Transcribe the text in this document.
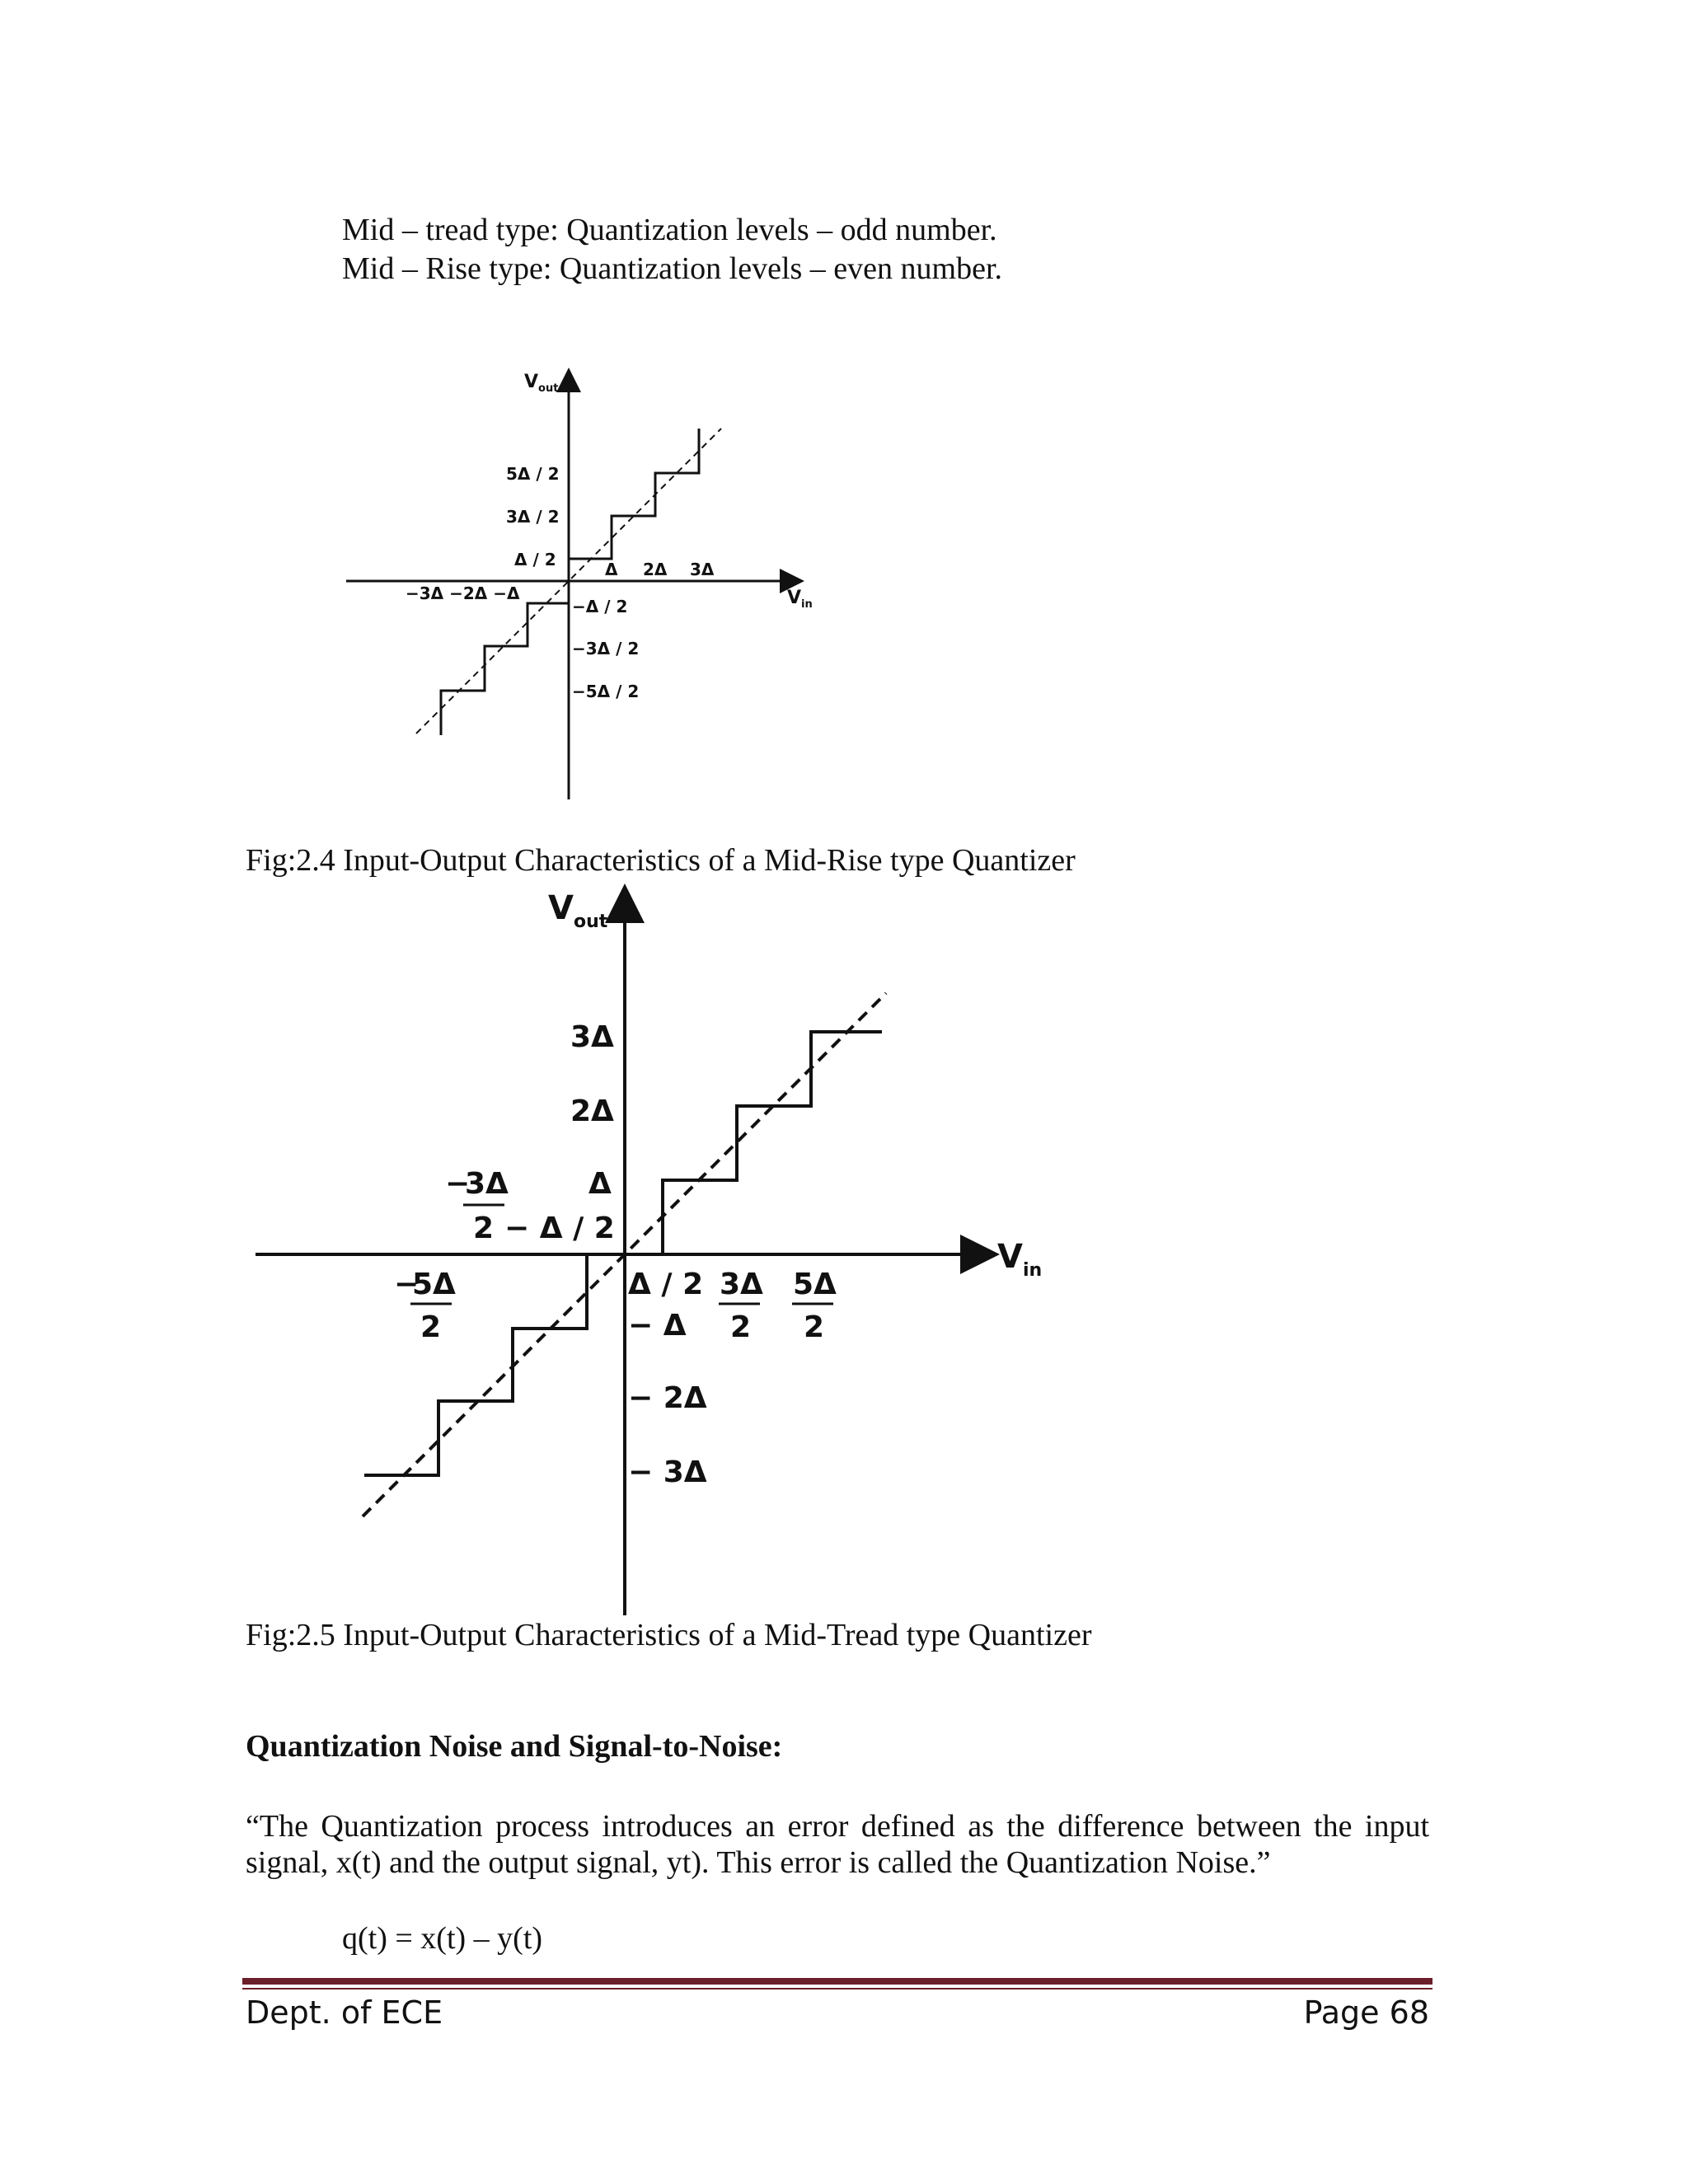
Mid – tread type: Quantization levels – odd number.
Mid – Rise type: Quantization levels – even number.
$V_{out}$
$V_{in}$
5Δ / 2
3Δ / 2
Δ / 2
−Δ / 2
−3Δ / 2
−5Δ / 2
Δ 2Δ 3Δ
−3Δ −2Δ −Δ
Fig:2.4 Input-Output Characteristics of a Mid-Rise type Quantizer
$V_{out}$
$V_{in}$
3Δ
2Δ
Δ
− Δ
− 2Δ
− 3Δ
Δ / 2 3Δ
2
5Δ
2
−
3Δ
2 − Δ / 2
−
5Δ
2
Fig:2.5 Input-Output Characteristics of a Mid-Tread type Quantizer
Quantization Noise and Signal-to-Noise:
“The Quantization process introduces an error defined as the difference between the input signal, x(t) and the output signal, yt). This error is called the Quantization Noise.”
q(t) = x(t) – y(t)
Dept. of ECE	Page 68
